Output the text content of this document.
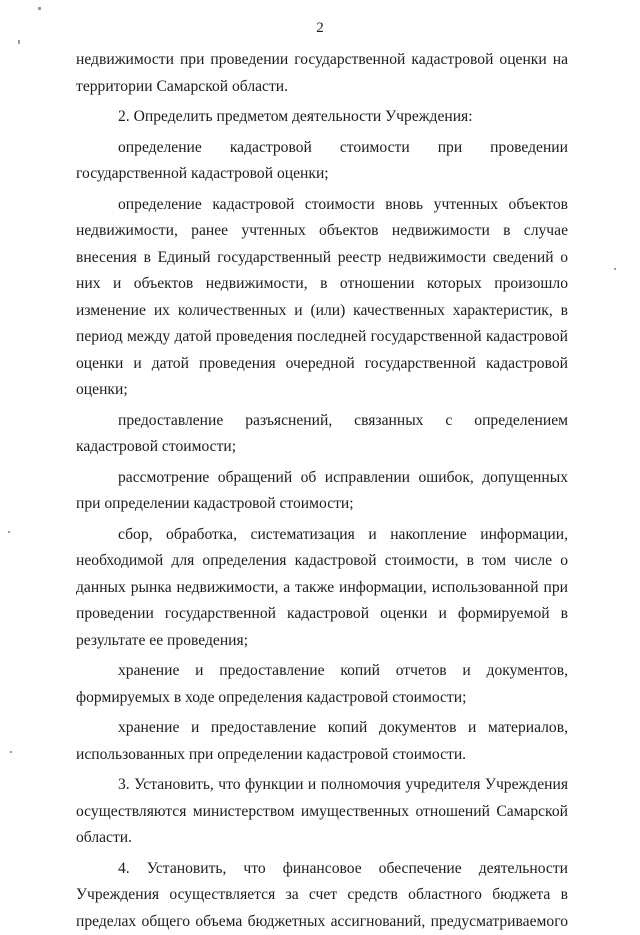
2

недвижимости при проведении государственной кадастровой оценки на территории Самарской области.

2. Определить предметом деятельности Учреждения:

определение кадастровой стоимости при проведении государственной кадастровой оценки;

определение кадастровой стоимости вновь учтенных объектов недвижимости, ранее учтенных объектов недвижимости в случае внесения в Единый государственный реестр недвижимости сведений о них и объектов недвижимости, в отношении которых произошло изменение их количественных и (или) качественных характеристик, в период между датой проведения последней государственной кадастровой оценки и датой проведения очередной государственной кадастровой оценки;

предоставление разъяснений, связанных с определением кадастровой стоимости;

рассмотрение обращений об исправлении ошибок, допущенных при определении кадастровой стоимости;

сбор, обработка, систематизация и накопление информации, необходимой для определения кадастровой стоимости, в том числе о данных рынка недвижимости, а также информации, использованной при проведении государственной кадастровой оценки и формируемой в результате ее проведения;

хранение и предоставление копий отчетов и документов, формируемых в ходе определения кадастровой стоимости;

хранение и предоставление копий документов и материалов, использованных при определении кадастровой стоимости.

3. Установить, что функции и полномочия учредителя Учреждения осуществляются министерством имущественных отношений Самарской области.

4. Установить, что финансовое обеспечение деятельности Учреждения осуществляется за счет средств областного бюджета в пределах общего объема бюджетных ассигнований, предусматриваемого
